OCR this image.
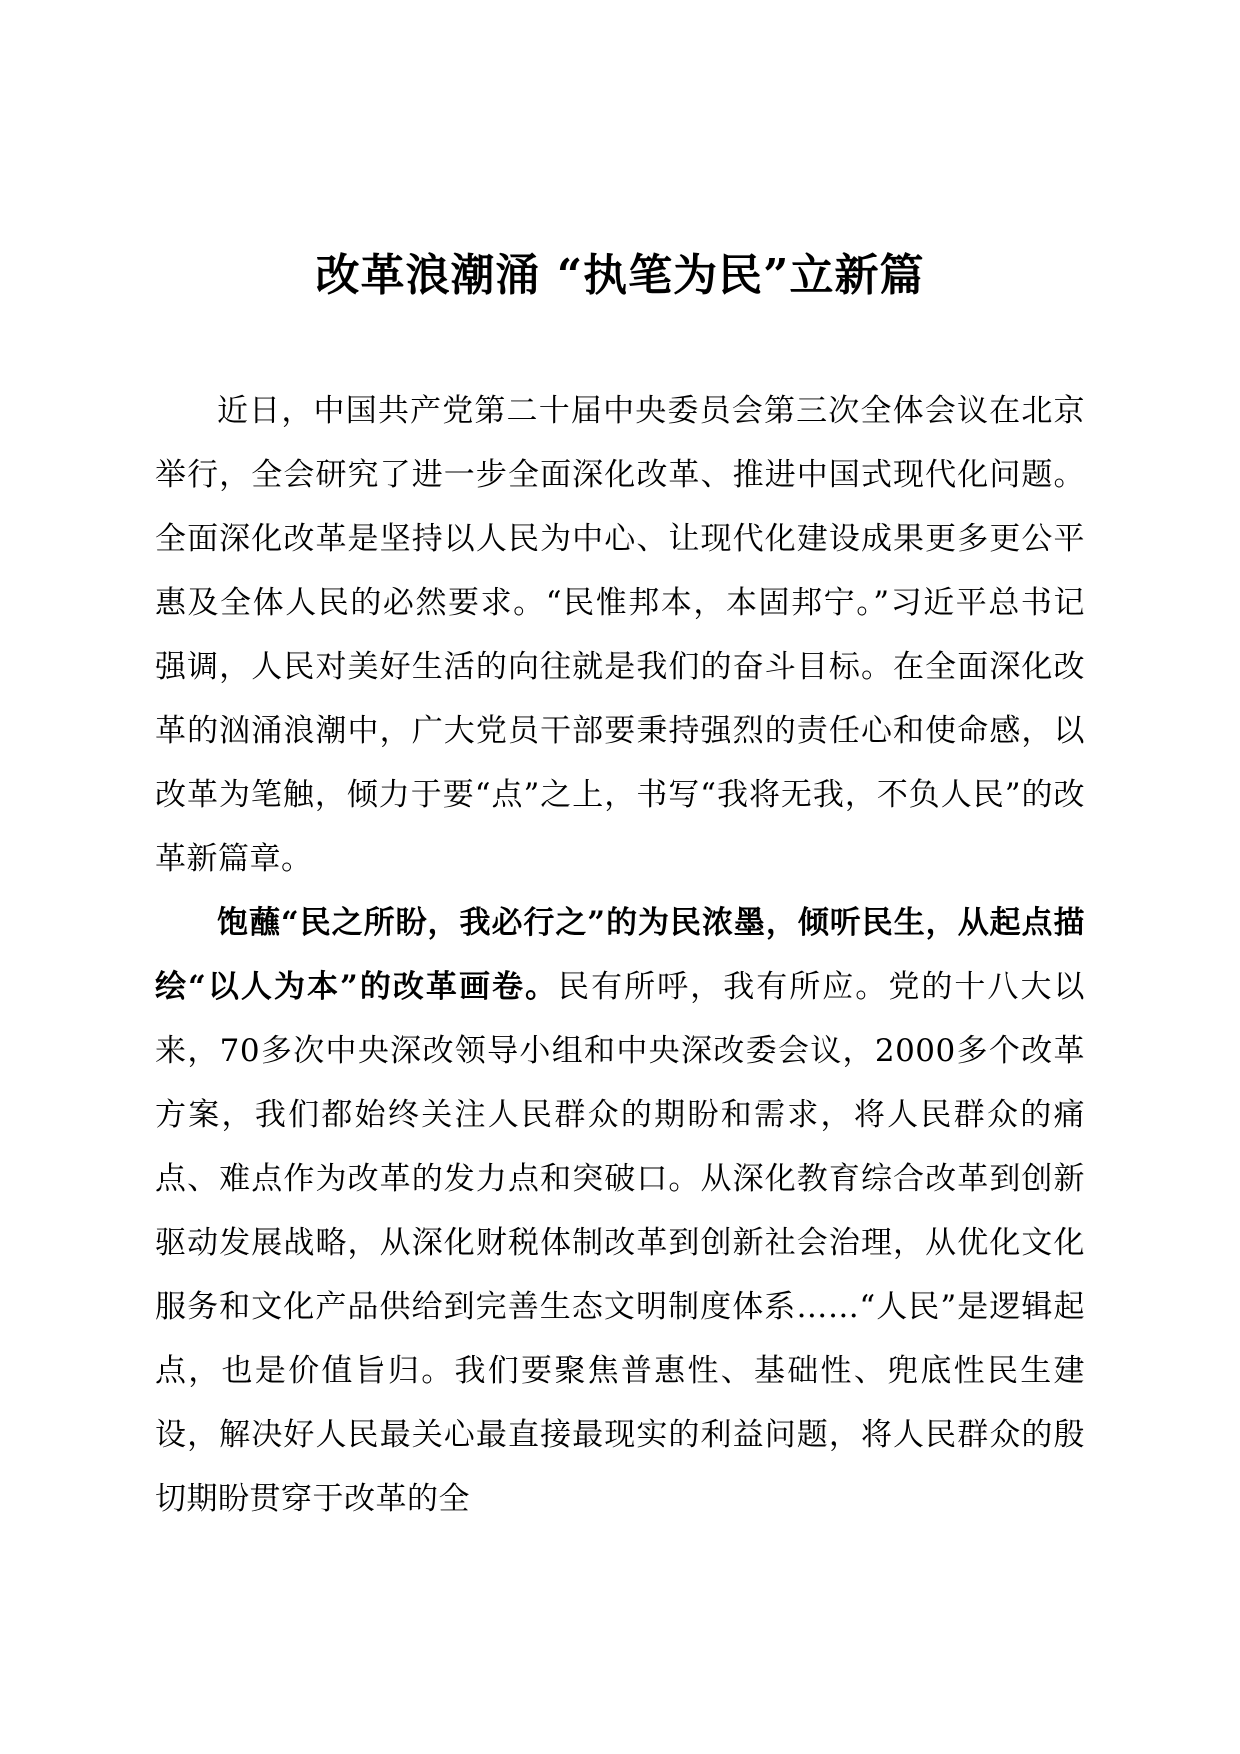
改革浪潮涌 “执笔为民”立新篇

近日，中国共产党第二十届中央委员会第三次全体会议在北京举行，全会研究了进一步全面深化改革、推进中国式现代化问题。全面深化改革是坚持以人民为中心、让现代化建设成果更多更公平惠及全体人民的必然要求。“民惟邦本，本固邦宁。”习近平总书记强调，人民对美好生活的向往就是我们的奋斗目标。在全面深化改革的汹涌浪潮中，广大党员干部要秉持强烈的责任心和使命感，以改革为笔触，倾力于要“点”之上，书写“我将无我，不负人民”的改革新篇章。

饱蘸“民之所盼，我必行之”的为民浓墨，倾听民生，从起点描绘“以人为本”的改革画卷。民有所呼，我有所应。党的十八大以来，70多次中央深改领导小组和中央深改委会议，2000多个改革方案，我们都始终关注人民群众的期盼和需求，将人民群众的痛点、难点作为改革的发力点和突破口。从深化教育综合改革到创新驱动发展战略，从深化财税体制改革到创新社会治理，从优化文化服务和文化产品供给到完善生态文明制度体系……“人民”是逻辑起点，也是价值旨归。我们要聚焦普惠性、基础性、兜底性民生建设，解决好人民最关心最直接最现实的利益问题，将人民群众的殷切期盼贯穿于改革的全
